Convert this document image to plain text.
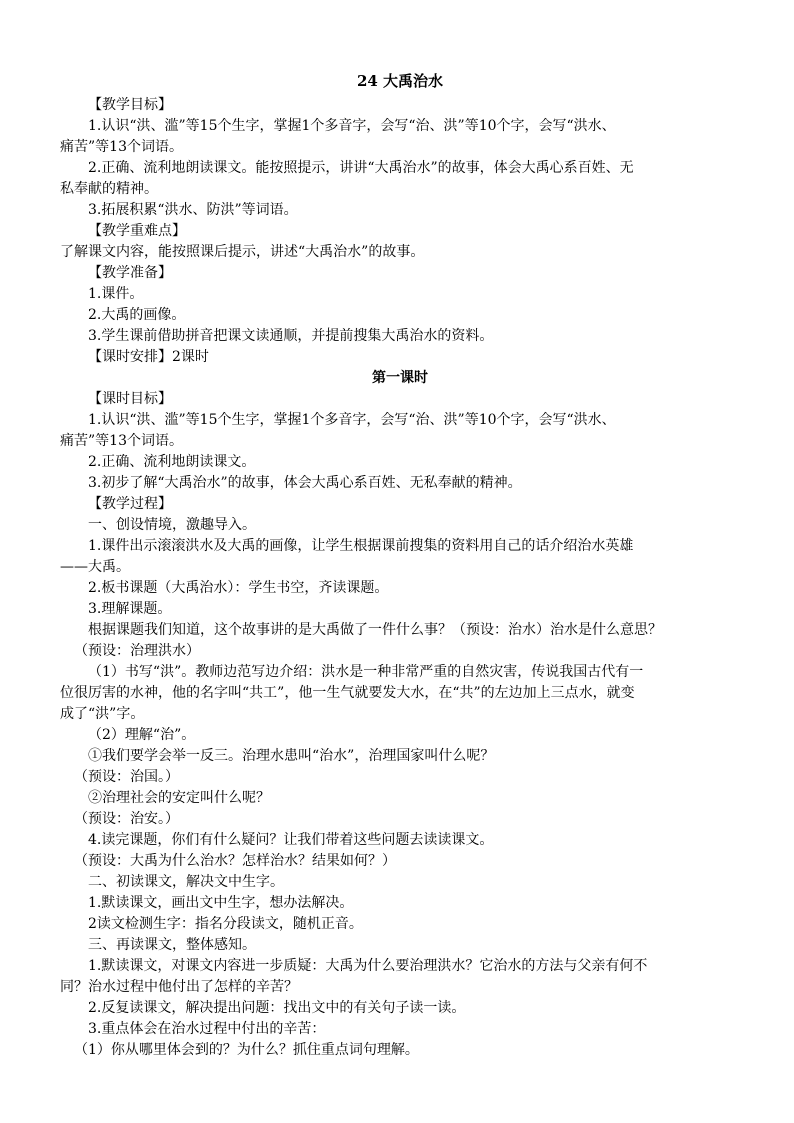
24 大禹治水

【教学目标】

1.认识“洪、滥”等15个生字，掌握1个多音字，会写“治、洪”等10个字，会写“洪水、

痛苦”等13个词语。

2.正确、流利地朗读课文。能按照提示，讲讲“大禹治水”的故事，体会大禹心系百姓、无

私奉献的精神。

3.拓展积累“洪水、防洪”等词语。

【教学重难点】

了解课文内容，能按照课后提示，讲述“大禹治水”的故事。

【教学准备】

1.课件。

2.大禹的画像。

3.学生课前借助拼音把课文读通顺，并提前搜集大禹治水的资料。

【课时安排】2课时

第一课时

【课时目标】

1.认识“洪、滥”等15个生字，掌握1个多音字，会写“治、洪”等10个字，会写“洪水、

痛苦”等13个词语。

2.正确、流利地朗读课文。

3.初步了解“大禹治水”的故事，体会大禹心系百姓、无私奉献的精神。

【教学过程】

一、创设情境，激趣导入。

1.课件出示滚滚洪水及大禹的画像，让学生根据课前搜集的资料用自己的话介绍治水英雄

——大禹。

2.板书课题（大禹治水）：学生书空，齐读课题。

3.理解课题。

根据课题我们知道，这个故事讲的是大禹做了一件什么事？（预设：治水）治水是什么意思？

（预设：治理洪水）

（1）书写“洪”。教师边范写边介绍：洪水是一种非常严重的自然灾害，传说我国古代有一

位很厉害的水神，他的名字叫“共工”，他一生气就要发大水，在“共”的左边加上三点水，就变

成了“洪”字。

（2）理解“治”。

①我们要学会举一反三。治理水患叫“治水”，治理国家叫什么呢？

（预设：治国。）

②治理社会的安定叫什么呢？

（预设：治安。）

4.读完课题，你们有什么疑问？让我们带着这些问题去读读课文。

（预设：大禹为什么治水？怎样治水？结果如何？）

二、初读课文，解决文中生字。

1.默读课文，画出文中生字，想办法解决。

2读文检测生字：指名分段读文，随机正音。

三、再读课文，整体感知。

1.默读课文，对课文内容进一步质疑：大禹为什么要治理洪水？它治水的方法与父亲有何不

同？治水过程中他付出了怎样的辛苦？

2.反复读课文，解决提出问题：找出文中的有关句子读一读。

3.重点体会在治水过程中付出的辛苦：

（1）你从哪里体会到的？为什么？抓住重点词句理解。
